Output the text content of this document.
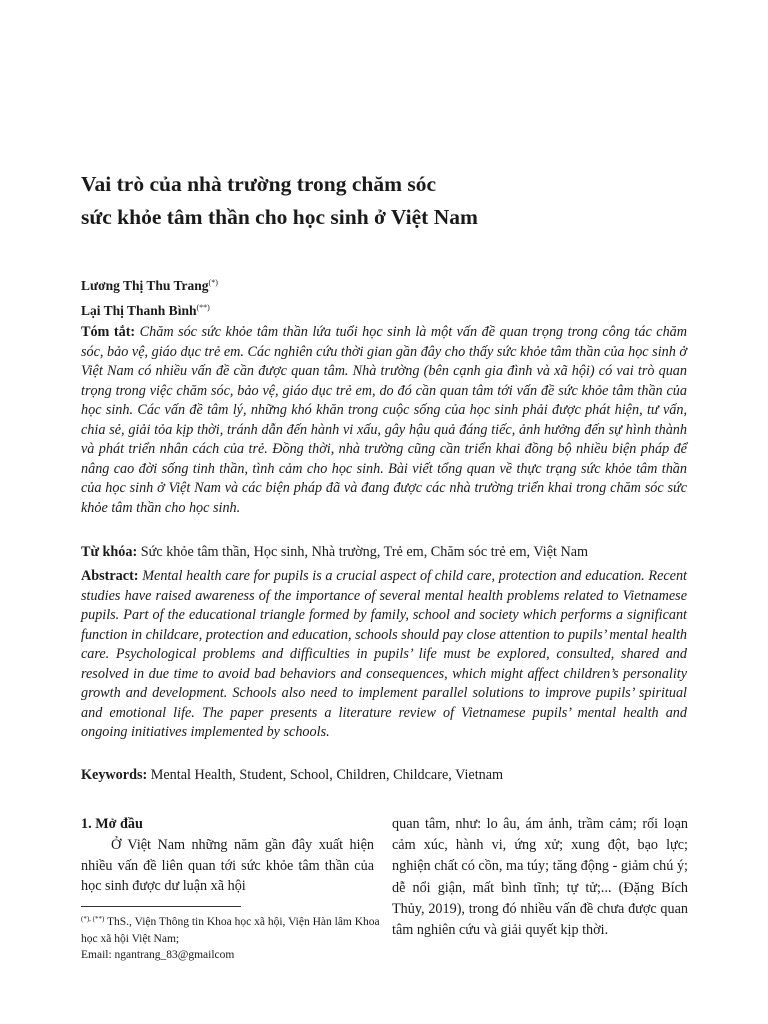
Vai trò của nhà trường trong chăm sóc
sức khỏe tâm thần cho học sinh ở Việt Nam
Lương Thị Thu Trang(*)
Lại Thị Thanh Bình(**)
Tóm tắt: Chăm sóc sức khỏe tâm thần lứa tuổi học sinh là một vấn đề quan trọng trong công tác chăm sóc, bảo vệ, giáo dục trẻ em. Các nghiên cứu thời gian gần đây cho thấy sức khỏe tâm thần của học sinh ở Việt Nam có nhiều vấn đề cần được quan tâm. Nhà trường (bên cạnh gia đình và xã hội) có vai trò quan trọng trong việc chăm sóc, bảo vệ, giáo dục trẻ em, do đó cần quan tâm tới vấn đề sức khỏe tâm thần của học sinh. Các vấn đề tâm lý, những khó khăn trong cuộc sống của học sinh phải được phát hiện, tư vấn, chia sẻ, giải tỏa kịp thời, tránh dẫn đến hành vi xấu, gây hậu quả đáng tiếc, ảnh hưởng đến sự hình thành và phát triển nhân cách của trẻ. Đồng thời, nhà trường cũng cần triển khai đồng bộ nhiều biện pháp để nâng cao đời sống tinh thần, tình cảm cho học sinh. Bài viết tổng quan về thực trạng sức khỏe tâm thần của học sinh ở Việt Nam và các biện pháp đã và đang được các nhà trường triển khai trong chăm sóc sức khỏe tâm thần cho học sinh.
Từ khóa: Sức khỏe tâm thần, Học sinh, Nhà trường, Trẻ em, Chăm sóc trẻ em, Việt Nam
Abstract: Mental health care for pupils is a crucial aspect of child care, protection and education. Recent studies have raised awareness of the importance of several mental health problems related to Vietnamese pupils. Part of the educational triangle formed by family, school and society which performs a significant function in childcare, protection and education, schools should pay close attention to pupils’ mental health care. Psychological problems and difficulties in pupils’ life must be explored, consulted, shared and resolved in due time to avoid bad behaviors and consequences, which might affect children’s personality growth and development. Schools also need to implement parallel solutions to improve pupils’ spiritual and emotional life. The paper presents a literature review of Vietnamese pupils’ mental health and ongoing initiatives implemented by schools.
Keywords: Mental Health, Student, School, Children, Childcare, Vietnam
1. Mở đầu
Ở Việt Nam những năm gần đây xuất hiện nhiều vấn đề liên quan tới sức khỏe tâm thần của học sinh được dư luận xã hội
(*), (**) ThS., Viện Thông tin Khoa học xã hội, Viện Hàn lâm Khoa học xã hội Việt Nam;
Email: ngantrang_83@gmailcom
quan tâm, như: lo âu, ám ảnh, trầm cảm; rối loạn cảm xúc, hành vi, ứng xử; xung đột, bạo lực; nghiện chất có cồn, ma túy; tăng động - giảm chú ý; dễ nổi giận, mất bình tĩnh; tự tử;... (Đặng Bích Thủy, 2019), trong đó nhiều vấn đề chưa được quan tâm nghiên cứu và giải quyết kịp thời.
